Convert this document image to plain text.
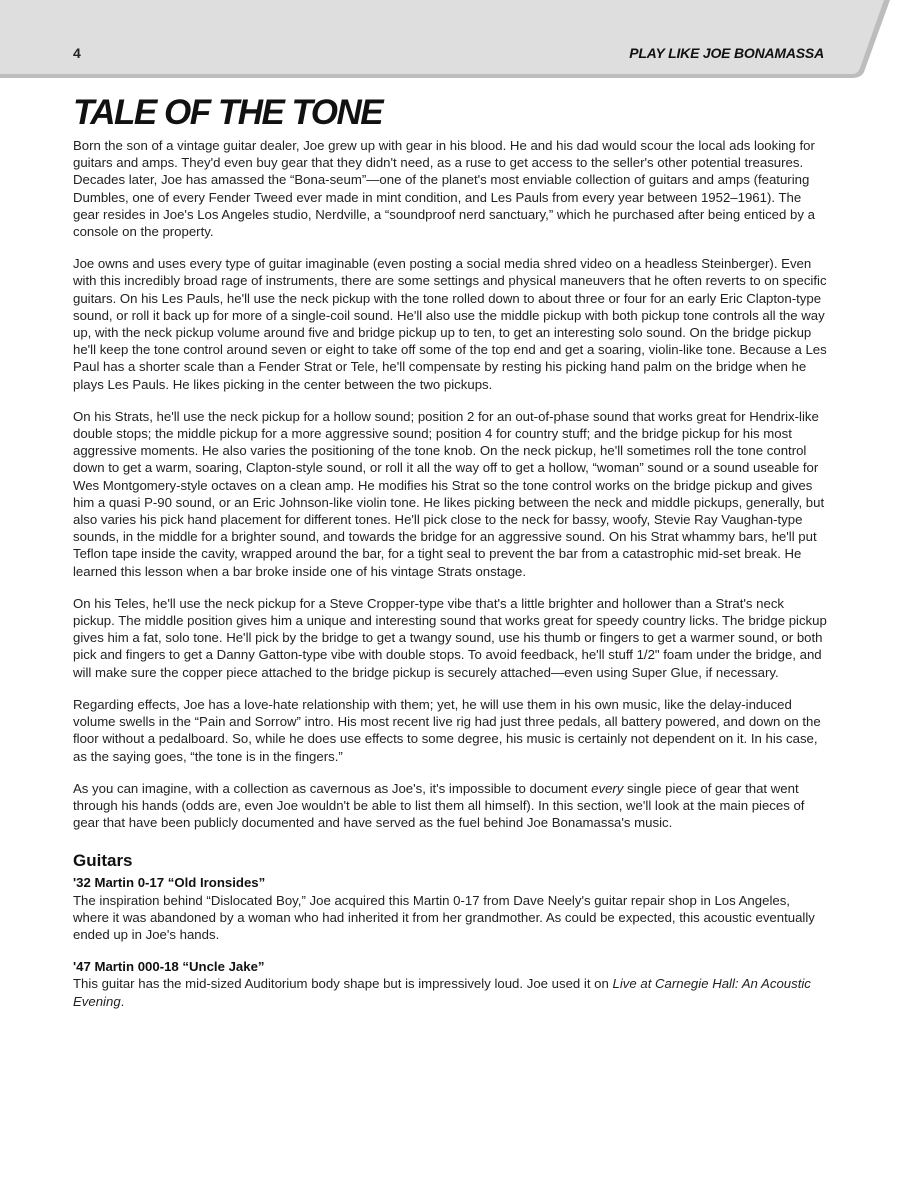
4	PLAY LIKE JOE BONAMASSA
TALE OF THE TONE

Born the son of a vintage guitar dealer, Joe grew up with gear in his blood. He and his dad would scour the local ads looking for guitars and amps. They'd even buy gear that they didn't need, as a ruse to get access to the seller's other potential treasures. Decades later, Joe has amassed the “Bona-seum”—one of the planet's most enviable collection of guitars and amps (featuring Dumbles, one of every Fender Tweed ever made in mint condition, and Les Pauls from every year between 1952–1961). The gear resides in Joe's Los Angeles studio, Nerdville, a “soundproof nerd sanctuary,” which he purchased after being enticed by a console on the property.

Joe owns and uses every type of guitar imaginable (even posting a social media shred video on a headless Steinberger). Even with this incredibly broad rage of instruments, there are some settings and physical maneuvers that he often reverts to on specific guitars. On his Les Pauls, he'll use the neck pickup with the tone rolled down to about three or four for an early Eric Clapton-type sound, or roll it back up for more of a single-coil sound. He'll also use the middle pickup with both pickup tone controls all the way up, with the neck pickup volume around five and bridge pickup up to ten, to get an interesting solo sound. On the bridge pickup he'll keep the tone control around seven or eight to take off some of the top end and get a soaring, violin-like tone. Because a Les Paul has a shorter scale than a Fender Strat or Tele, he'll compensate by resting his picking hand palm on the bridge when he plays Les Pauls. He likes picking in the center between the two pickups.

On his Strats, he'll use the neck pickup for a hollow sound; position 2 for an out-of-phase sound that works great for Hendrix-like double stops; the middle pickup for a more aggressive sound; position 4 for country stuff; and the bridge pickup for his most aggressive moments. He also varies the positioning of the tone knob. On the neck pickup, he'll sometimes roll the tone control down to get a warm, soaring, Clapton-style sound, or roll it all the way off to get a hollow, “woman” sound or a sound useable for Wes Montgomery-style octaves on a clean amp. He modifies his Strat so the tone control works on the bridge pickup and gives him a quasi P-90 sound, or an Eric Johnson-like violin tone. He likes picking between the neck and middle pickups, generally, but also varies his pick hand placement for different tones. He'll pick close to the neck for bassy, woofy, Stevie Ray Vaughan-type sounds, in the middle for a brighter sound, and towards the bridge for an aggressive sound. On his Strat whammy bars, he'll put Teflon tape inside the cavity, wrapped around the bar, for a tight seal to prevent the bar from a catastrophic mid-set break. He learned this lesson when a bar broke inside one of his vintage Strats onstage.

On his Teles, he'll use the neck pickup for a Steve Cropper-type vibe that's a little brighter and hollower than a Strat's neck pickup. The middle position gives him a unique and interesting sound that works great for speedy country licks. The bridge pickup gives him a fat, solo tone. He'll pick by the bridge to get a twangy sound, use his thumb or fingers to get a warmer sound, or both pick and fingers to get a Danny Gatton-type vibe with double stops. To avoid feedback, he'll stuff 1/2" foam under the bridge, and will make sure the copper piece attached to the bridge pickup is securely attached—even using Super Glue, if necessary.

Regarding effects, Joe has a love-hate relationship with them; yet, he will use them in his own music, like the delay-induced volume swells in the “Pain and Sorrow” intro. His most recent live rig had just three pedals, all battery powered, and down on the floor without a pedalboard. So, while he does use effects to some degree, his music is certainly not dependent on it. In his case, as the saying goes, “the tone is in the fingers.”

As you can imagine, with a collection as cavernous as Joe's, it's impossible to document every single piece of gear that went through his hands (odds are, even Joe wouldn't be able to list them all himself). In this section, we'll look at the main pieces of gear that have been publicly documented and have served as the fuel behind Joe Bonamassa's music.

Guitars

'32 Martin 0-17 “Old Ironsides”

The inspiration behind “Dislocated Boy,” Joe acquired this Martin 0-17 from Dave Neely's guitar repair shop in Los Angeles, where it was abandoned by a woman who had inherited it from her grandmother. As could be expected, this acoustic eventually ended up in Joe's hands.

'47 Martin 000-18 “Uncle Jake”

This guitar has the mid-sized Auditorium body shape but is impressively loud. Joe used it on Live at Carnegie Hall: An Acoustic Evening.
